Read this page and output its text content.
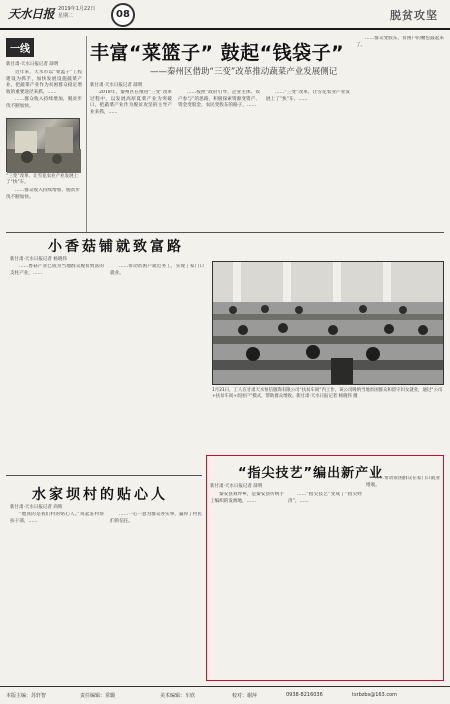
天水日报 2019年1月22日
星期二	08	脱贫攻坚
一线
新甘肃·天水日报记者 薛明

近年来，天水市以“菜篮子”工程建设为抓手，加快发展设施蔬菜产业，把蔬菜产业作为贫困群众稳定增收的重要途径来抓，……

……群众收入持续增加，脱贫步伐不断加快。

“三变”改革，让雪花农业产业发展上了“快”车。

……群众收入持续增加，脱贫步伐不断加快。

丰富“菜篮子” 鼓起“钱袋子”
——秦州区借助“三变”改革推动蔬菜产业发展侧记
新甘肃·天水日报记者 薛明

2018年，秦州区在推进“三变”改革过程中，以发展高原夏菜产业为突破口，把蔬菜产业作为脱贫攻坚的主导产业来抓，……

……按照“政府引导、企业主体、农户参与”的思路，积极探索资源变资产、资金变股金、农民变股东的路子，……

……“三变”改革，让雪花农业产业发展上了“快”车，……

……群众变股东，贫困户的腰包鼓起来了。

小香菇铺就致富路
新甘肃·天水日报记者 杨晓伟

……香菇产业已成为当地群众脱贫致富的支柱产业，……

……带动贫困户就近务工，实现了家门口就业。

1月21日，工人在甘肃天水恒信服饰有限公司“扶贫车间”内工作，该公司吸纳当地贫困群众和留守妇女就业，通过“公司+扶贫车间+贫困户”模式，帮助群众增收。新甘肃·天水日报记者 杨晓伟 摄
水家坝村的贴心人
新甘肃·天水日报记者 尚辉

“他真的是我们村的贴心人。”说起驻村帮扶干部，……

……一心一意为群众办实事，赢得了村民们的信任。

“指尖技艺”编出新产业
新甘肃·天水日报记者 薛明

秦安县刘坪乡，是秦安县传统手工编织的发源地，……

……“指尖技艺”变成了“指尖经济”，……

……带动贫困群众在家门口就业增收。

本版主编：苏轩智	责任编辑：常璐	美术编辑：车欣	校对：谢萍	0938-8216036	tsrbzbs@163.com
